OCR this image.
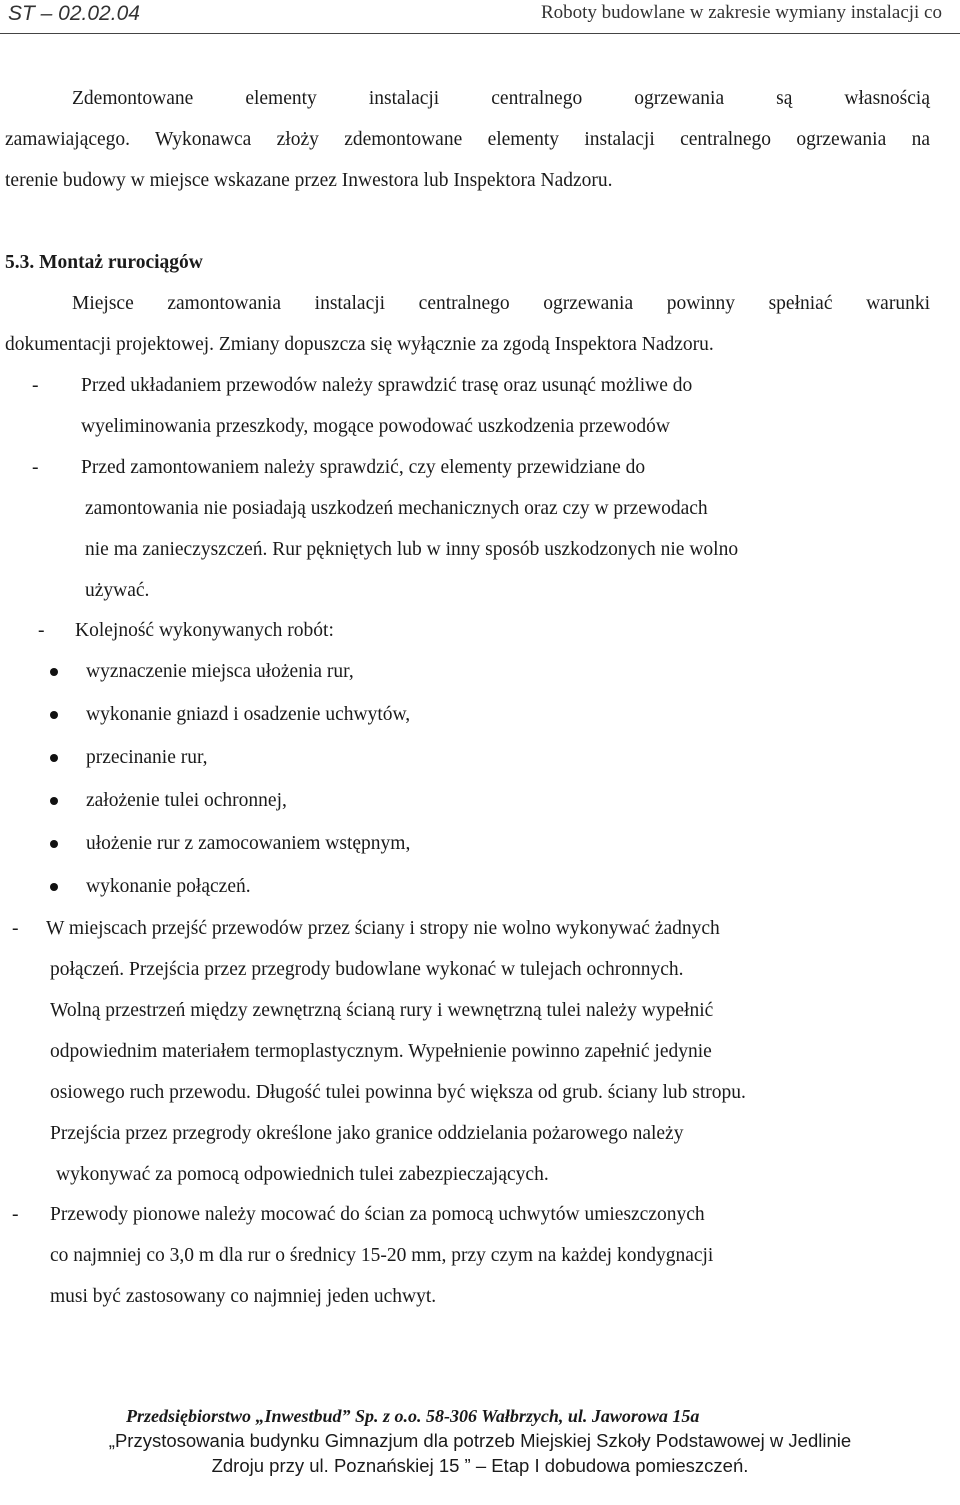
ST – 02.02.04	Roboty budowlane w zakresie wymiany instalacji co
Zdemontowane elementy instalacji centralnego ogrzewania są własnością
zamawiającego. Wykonawca złoży zdemontowane elementy instalacji centralnego ogrzewania na
terenie budowy w miejsce wskazane przez Inwestora lub Inspektora Nadzoru.
5.3. Montaż rurociągów
Miejsce zamontowania instalacji centralnego ogrzewania powinny spełniać warunki
dokumentacji projektowej. Zmiany dopuszcza się wyłącznie za zgodą Inspektora Nadzoru.
- Przed układaniem przewodów należy sprawdzić trasę oraz usunąć możliwe do
wyeliminowania przeszkody, mogące powodować uszkodzenia przewodów
- Przed zamontowaniem należy sprawdzić, czy elementy przewidziane do
zamontowania nie posiadają uszkodzeń mechanicznych oraz czy w przewodach
nie ma zanieczyszczeń. Rur pękniętych lub w inny sposób uszkodzonych nie wolno
używać.
- Kolejność wykonywanych robót:
wyznaczenie miejsca ułożenia rur,
wykonanie gniazd i osadzenie uchwytów,
przecinanie rur,
założenie tulei ochronnej,
ułożenie rur z zamocowaniem wstępnym,
wykonanie połączeń.
- W miejscach przejść przewodów przez ściany i stropy nie wolno wykonywać żadnych
połączeń. Przejścia przez przegrody budowlane wykonać w tulejach ochronnych.
Wolną przestrzeń między zewnętrzną ścianą rury i wewnętrzną tulei należy wypełnić
odpowiednim materiałem termoplastycznym. Wypełnienie powinno zapełnić jedynie
osiowego ruch przewodu. Długość tulei powinna być większa od grub. ściany lub stropu.
Przejścia przez przegrody określone jako granice oddzielania pożarowego należy
wykonywać za pomocą odpowiednich tulei zabezpieczających.
- Przewody pionowe należy mocować do ścian za pomocą uchwytów umieszczonych
co najmniej co 3,0 m dla rur o średnicy 15-20 mm, przy czym na każdej kondygnacji
musi być zastosowany co najmniej jeden uchwyt.
Przedsiębiorstwo „Inwestbud” Sp. z o.o. 58-306 Wałbrzych, ul. Jaworowa 15a
„Przystosowania budynku Gimnazjum dla potrzeb Miejskiej Szkoły Podstawowej w Jedlinie
Zdroju przy ul. Poznańskiej 15 ” – Etap I dobudowa pomieszczeń.
